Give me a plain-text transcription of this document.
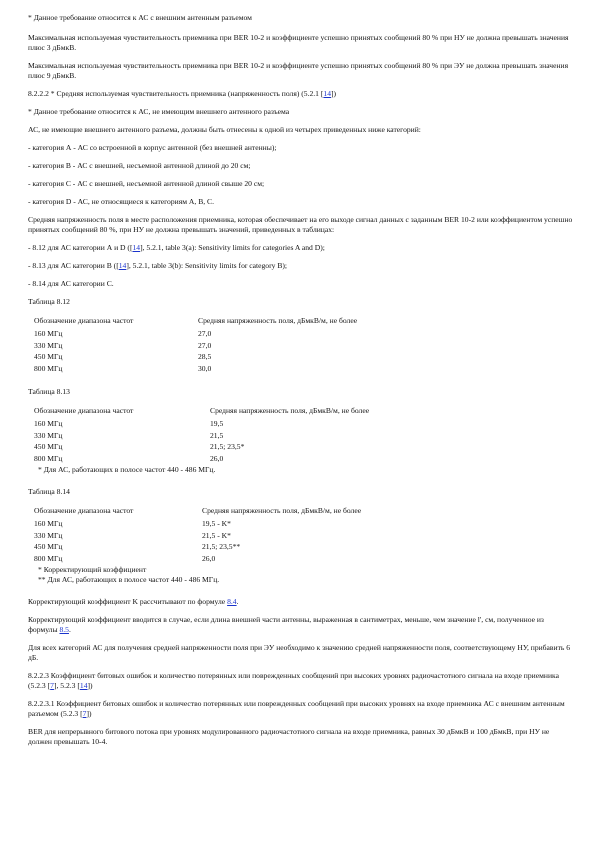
* Данное требование относится к АС с внешним антенным разъемом

Максимальная используемая чувствительность приемника при BER 10-2 и коэффициенте успешно принятых сообщений 80 % при НУ не должна превышать значения плюс 3 дБмкВ.

Максимальная используемая чувствительность приемника при BER 10-2 и коэффициенте успешно принятых сообщений 80 % при ЭУ не должна превышать значения плюс 9 дБмкВ.

8.2.2.2 * Средняя используемая чувствительность приемника (напряженность поля) (5.2.1 [14])

* Данное требование относится к АС, не имеющим внешнего антенного разъема

АС, не имеющие внешнего антенного разъема, должны быть отнесены к одной из четырех приведенных ниже категорий:

- категория А - АС со встроенной в корпус антенной (без внешней антенны);

- категория В - АС с внешней, несъемной антенной длиной до 20 см;

- категория С - АС с внешней, несъемной антенной длиной свыше 20 см;

- категория D - АС, не относящиеся к категориям А, В, С.

Средняя напряженность поля в месте расположения приемника, которая обеспечивает на его выходе сигнал данных с заданным BER 10-2 или коэффициентом успешно принятых сообщений 80 %, при НУ не должна превышать значений, приведенных в таблицах:

- 8.12 для АС категории А и D ([14], 5.2.1, table 3(a): Sensitivity limits for categories A and D);

- 8.13 для АС категории В ([14], 5.2.1, table 3(b): Sensitivity limits for category B);

- 8.14 для АС категории С.

Таблица 8.12

Обозначение диапазона частот	Средняя напряженность поля, дБмкВ/м, не более
160 МГц	27,0
330 МГц	27,0
450 МГц	28,5
800 МГц	30,0

Таблица 8.13

Обозначение диапазона частот	Средняя напряженность поля, дБмкВ/м, не более
160 МГц	19,5
330 МГц	21,5
450 МГц	21,5; 23,5*
800 МГц	26,0
* Для АС, работающих в полосе частот 440 - 486 МГц.

Таблица 8.14

Обозначение диапазона частот	Средняя напряженность поля, дБмкВ/м, не более
160 МГц	19,5 - K*
330 МГц	21,5 - K*
450 МГц	21,5; 23,5**
800 МГц	26,0
* Корректирующий коэффициент
** Для АС, работающих в полосе частот 440 - 486 МГц.

Корректирующий коэффициент K рассчитывают по формуле 8.4.

Корректирующий коэффициент вводится в случае, если длина внешней части антенны, выраженная в сантиметрах, меньше, чем значение l', см, полученное из формулы 8.5.

Для всех категорий АС для получения средней напряженности поля при ЭУ необходимо к значению средней напряженности поля, соответствующему НУ, прибавить 6 дБ.

8.2.2.3 Коэффициент битовых ошибок и количество потерянных или поврежденных сообщений при высоких уровнях радиочастотного сигнала на входе приемника (5.2.3 [7], 5.2.3 [14])

8.2.2.3.1 Коэффициент битовых ошибок и количество потерянных или поврежденных сообщений при высоких уровнях на входе приемника АС с внешним антенным разъемом (5.2.3 [7])

BER для непрерывного битового потока при уровнях модулированного радиочастотного сигнала на входе приемника, равных 30 дБмкВ и 100 дБмкВ, при НУ не должен превышать 10-4.
